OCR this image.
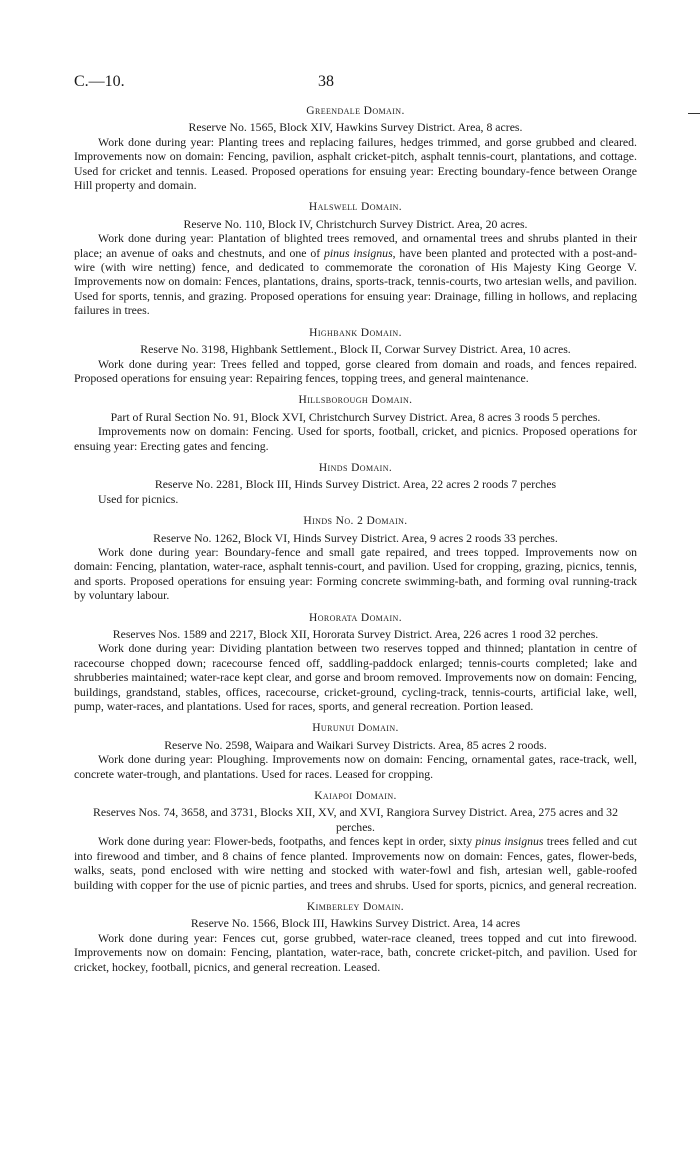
C.—10.	38
Greendale Domain.
Reserve No. 1565, Block XIV, Hawkins Survey District. Area, 8 acres.
Work done during year: Planting trees and replacing failures, hedges trimmed, and gorse grubbed and cleared. Improvements now on domain: Fencing, pavilion, asphalt cricket-pitch, asphalt tennis-court, plantations, and cottage. Used for cricket and tennis. Leased. Proposed operations for ensuing year: Erecting boundary-fence between Orange Hill property and domain.
Halswell Domain.
Reserve No. 110, Block IV, Christchurch Survey District. Area, 20 acres.
Work done during year: Plantation of blighted trees removed, and ornamental trees and shrubs planted in their place; an avenue of oaks and chestnuts, and one of pinus insignus, have been planted and protected with a post-and-wire (with wire netting) fence, and dedicated to commemorate the coronation of His Majesty King George V. Improvements now on domain: Fences, plantations, drains, sports-track, tennis-courts, two artesian wells, and pavilion. Used for sports, tennis, and grazing. Proposed operations for ensuing year: Drainage, filling in hollows, and replacing failures in trees.
Highbank Domain.
Reserve No. 3198, Highbank Settlement., Block II, Corwar Survey District. Area, 10 acres.
Work done during year: Trees felled and topped, gorse cleared from domain and roads, and fences repaired. Proposed operations for ensuing year: Repairing fences, topping trees, and general maintenance.
Hillsborough Domain.
Part of Rural Section No. 91, Block XVI, Christchurch Survey District. Area, 8 acres 3 roods 5 perches.
Improvements now on domain: Fencing. Used for sports, football, cricket, and picnics. Proposed operations for ensuing year: Erecting gates and fencing.
Hinds Domain.
Reserve No. 2281, Block III, Hinds Survey District. Area, 22 acres 2 roods 7 perches
Used for picnics.
Hinds No. 2 Domain.
Reserve No. 1262, Block VI, Hinds Survey District. Area, 9 acres 2 roods 33 perches.
Work done during year: Boundary-fence and small gate repaired, and trees topped. Improvements now on domain: Fencing, plantation, water-race, asphalt tennis-court, and pavilion. Used for cropping, grazing, picnics, tennis, and sports. Proposed operations for ensuing year: Forming concrete swimming-bath, and forming oval running-track by voluntary labour.
Hororata Domain.
Reserves Nos. 1589 and 2217, Block XII, Hororata Survey District. Area, 226 acres 1 rood 32 perches.
Work done during year: Dividing plantation between two reserves topped and thinned; plantation in centre of racecourse chopped down; racecourse fenced off, saddling-paddock enlarged; tennis-courts completed; lake and shrubberies maintained; water-race kept clear, and gorse and broom removed. Improvements now on domain: Fencing, buildings, grandstand, stables, offices, racecourse, cricket-ground, cycling-track, tennis-courts, artificial lake, well, pump, water-races, and plantations. Used for races, sports, and general recreation. Portion leased.
Hurunui Domain.
Reserve No. 2598, Waipara and Waikari Survey Districts. Area, 85 acres 2 roods.
Work done during year: Ploughing. Improvements now on domain: Fencing, ornamental gates, race-track, well, concrete water-trough, and plantations. Used for races. Leased for cropping.
Kaiapoi Domain.
Reserves Nos. 74, 3658, and 3731, Blocks XII, XV, and XVI, Rangiora Survey District. Area, 275 acres and 32 perches.
Work done during year: Flower-beds, footpaths, and fences kept in order, sixty pinus insignus trees felled and cut into firewood and timber, and 8 chains of fence planted. Improvements now on domain: Fences, gates, flower-beds, walks, seats, pond enclosed with wire netting and stocked with water-fowl and fish, artesian well, gable-roofed building with copper for the use of picnic parties, and trees and shrubs. Used for sports, picnics, and general recreation.
Kimberley Domain.
Reserve No. 1566, Block III, Hawkins Survey District. Area, 14 acres
Work done during year: Fences cut, gorse grubbed, water-race cleaned, trees topped and cut into firewood. Improvements now on domain: Fencing, plantation, water-race, bath, concrete cricket-pitch, and pavilion. Used for cricket, hockey, football, picnics, and general recreation. Leased.
